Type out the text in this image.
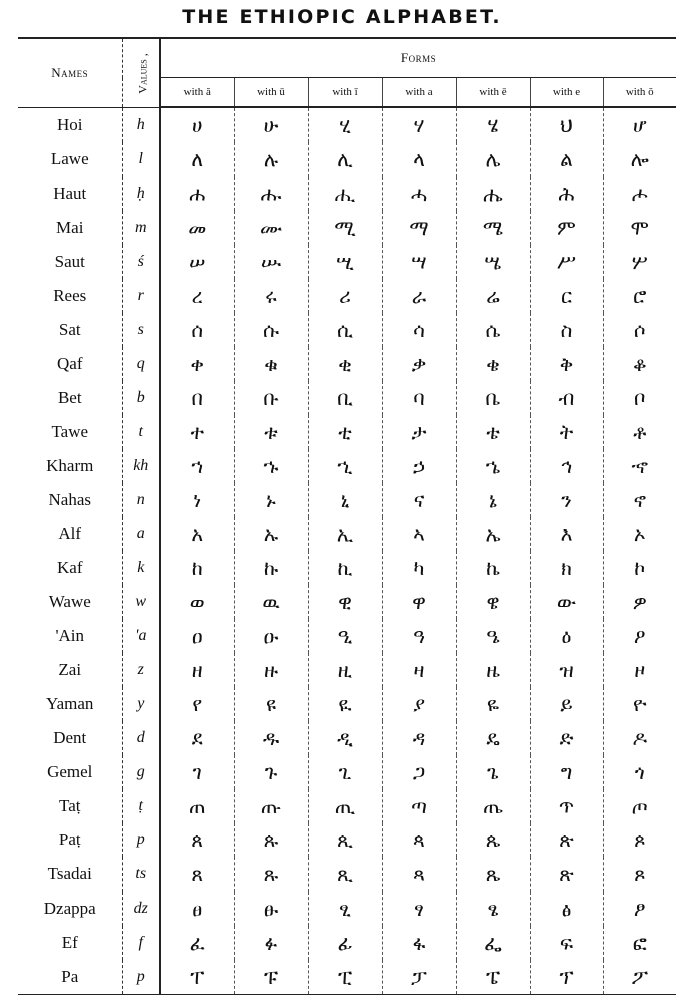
THE ETHIOPIC ALPHABET.
Names	Values ,	Forms						
		with ă	with ū	with ī	with a	with ē	with e	with ŏ
Hoi	h	ሀ	ሁ	ሂ	ሃ	ሄ	ህ	ሆ
Lawe	l	ለ	ሉ	ሊ	ላ	ሌ	ል	ሎ
Haut	ḥ	ሐ	ሑ	ሒ	ሓ	ሔ	ሕ	ሖ
Mai	m	መ	ሙ	ሚ	ማ	ሜ	ም	ሞ
Saut	ś	ሠ	ሡ	ሢ	ሣ	ሤ	ሥ	ሦ
Rees	r	ረ	ሩ	ሪ	ራ	ሬ	ር	ሮ
Sat	s	ሰ	ሱ	ሲ	ሳ	ሴ	ስ	ሶ
Qaf	q	ቀ	ቁ	ቂ	ቃ	ቄ	ቅ	ቆ
Bet	b	በ	ቡ	ቢ	ባ	ቤ	ብ	ቦ
Tawe	t	ተ	ቱ	ቲ	ታ	ቴ	ት	ቶ
Kharm	kh	ኀ	ኁ	ኂ	ኃ	ኄ	ኅ	ኆ
Nahas	n	ነ	ኑ	ኒ	ና	ኔ	ን	ኖ
Alf	a	አ	ኡ	ኢ	ኣ	ኤ	እ	ኦ
Kaf	k	ከ	ኩ	ኪ	ካ	ኬ	ክ	ኮ
Wawe	w	ወ	ዉ	ዊ	ዋ	ዌ	ው	ዎ
'Ain	'a	ዐ	ዑ	ዒ	ዓ	ዔ	ዕ	ዖ
Zai	z	ዘ	ዙ	ዚ	ዛ	ዜ	ዝ	ዞ
Yaman	y	የ	ዩ	ዪ	ያ	ዬ	ይ	ዮ
Dent	d	ደ	ዱ	ዲ	ዳ	ዴ	ድ	ዶ
Gemel	g	ገ	ጉ	ጊ	ጋ	ጌ	ግ	ጎ
Taṭ	ṭ	ጠ	ጡ	ጢ	ጣ	ጤ	ጥ	ጦ
Paṭ	p	ጰ	ጱ	ጲ	ጳ	ጴ	ጵ	ጶ
Tsadai	ts	ጸ	ጹ	ጺ	ጻ	ጼ	ጽ	ጾ
Dzappa	dz	ፀ	ፁ	ፂ	ፃ	ፄ	ፅ	ፆ
Ef	f	ፈ	ፉ	ፊ	ፋ	ፌ	ፍ	ፎ
Pa	p	ፐ	ፑ	ፒ	ፓ	ፔ	ፕ	ፖ
